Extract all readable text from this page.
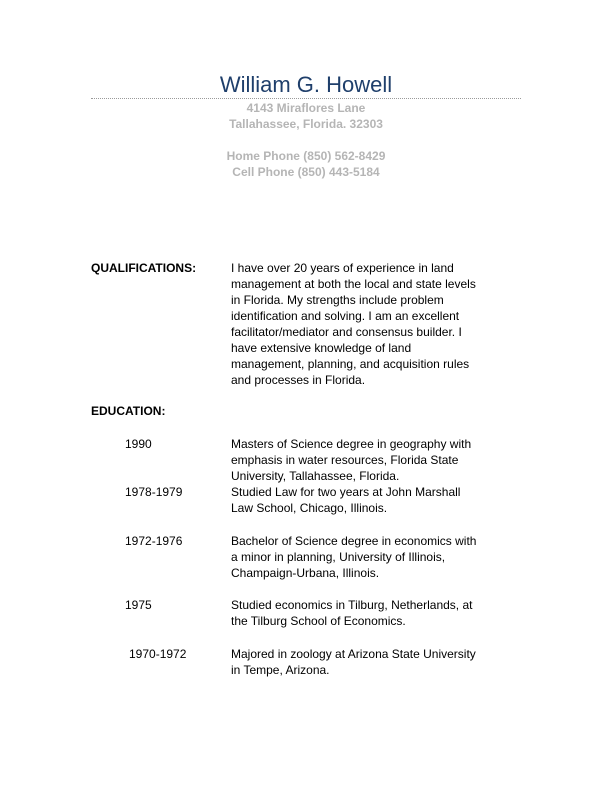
William G. Howell
4143 Miraflores Lane
Tallahassee, Florida. 32303
Home Phone (850) 562-8429
Cell Phone (850) 443-5184
QUALIFICATIONS:	I have over 20 years of experience in land
management at both the local and state levels
in Florida. My strengths include problem
identification and solving. I am an excellent
facilitator/mediator and consensus builder. I
have extensive knowledge of land
management, planning, and acquisition rules
and processes in Florida.
EDUCATION:
1990	Masters of Science degree in geography with
emphasis in water resources, Florida State
University, Tallahassee, Florida.
1978-1979	Studied Law for two years at John Marshall
Law School, Chicago, Illinois.
1972-1976	Bachelor of Science degree in economics with
a minor in planning, University of Illinois,
Champaign-Urbana, Illinois.
1975	Studied economics in Tilburg, Netherlands, at
the Tilburg School of Economics.
1970-1972	Majored in zoology at Arizona State University
in Tempe, Arizona.
